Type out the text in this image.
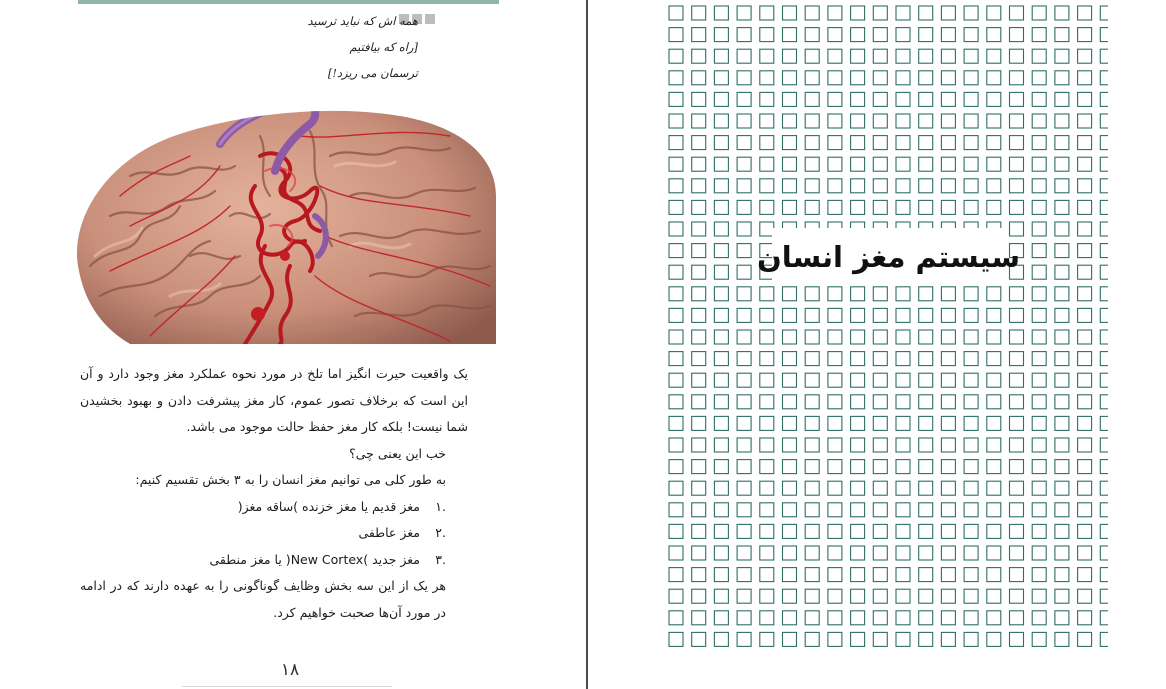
همه اش که نبايد ترسيد
[راه که بيافتيم
ترسمان می ريزد!]

یک واقعیت حیرت انگیز اما تلخ در مورد نحوه عملکرد مغز وجود دارد و آن این است که برخلاف تصور عموم، کار مغز پیشرفت دادن و بهبود بخشیدن شما نیست! بلکه کار مغز حفظ حالت موجود می باشد.

خب این یعنی چی؟

به طور کلی می توانیم مغز انسان را به ۳ بخش تقسیم کنیم:

.۱مغز قدیم یا مغز خزنده )ساقه مغز(
.۲مغز عاطفی
.۳مغز جدید )New Cortex( یا مغز منطقی

هر یک از این سه بخش وظایف گوناگونی را به عهده دارند که در ادامه در مورد آن‌ها صحبت خواهیم کرد.

۱۸
سیستم مغز انسان
